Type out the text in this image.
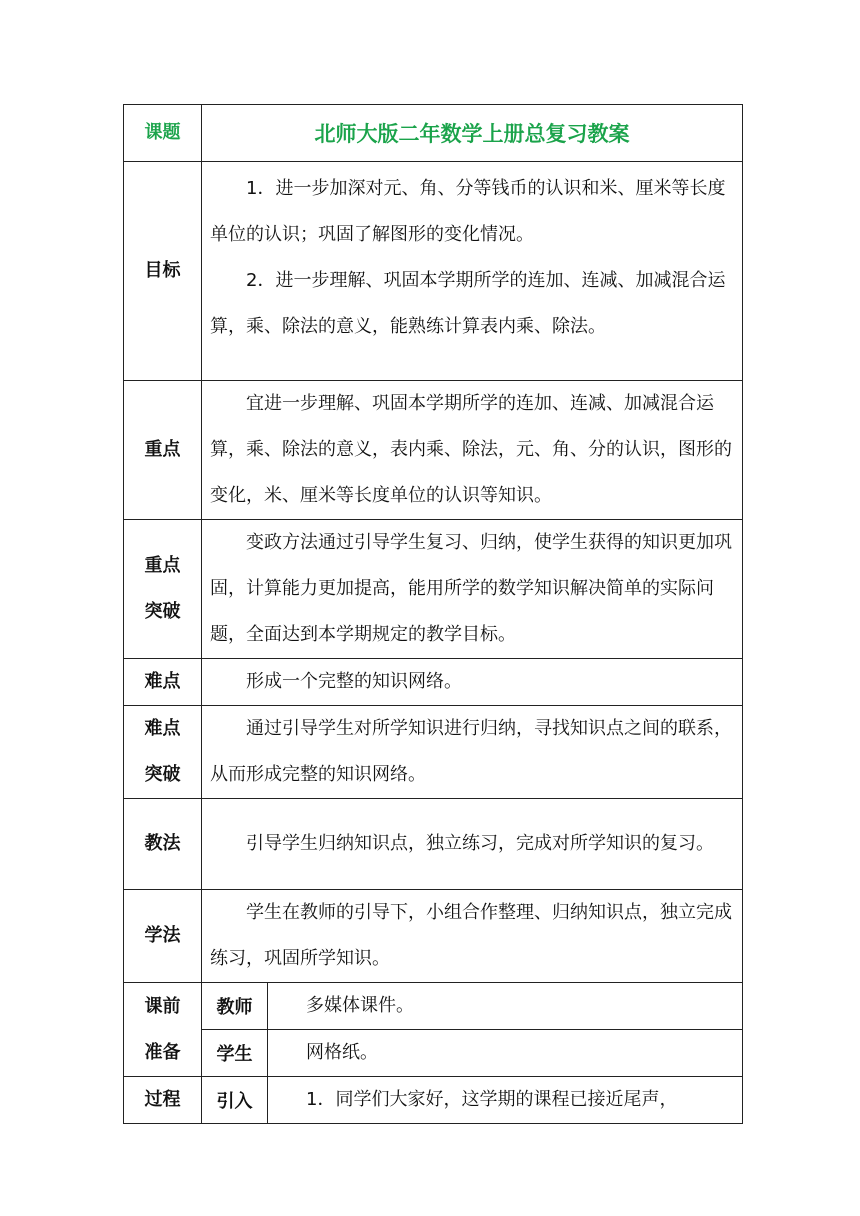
课题	北师大版二年数学上册总复习教案	
目标	1．进一步加深对元、角、分等钱币的认识和米、厘米等长度单位的认识；巩固了解图形的变化情况。
2．进一步理解、巩固本学期所学的连加、连减、加减混合运算，乘、除法的意义，能熟练计算表内乘、除法。	

重点	宜进一步理解、巩固本学期所学的连加、连减、加减混合运算，乘、除法的意义，表内乘、除法，元、角、分的认识，图形的变化，米、厘米等长度单位的认识等知识。	

重点
突破	变政方法通过引导学生复习、归纳，使学生获得的知识更加巩固，计算能力更加提高，能用所学的数学知识解决简单的实际问题，全面达到本学期规定的教学目标。	

难点	形成一个完整的知识网络。	

难点
突破	通过引导学生对所学知识进行归纳，寻找知识点之间的联系，从而形成完整的知识网络。	

教法	引导学生归纳知识点，独立练习，完成对所学知识的复习。	

学法	学生在教师的引导下，小组合作整理、归纳知识点，独立完成练习，巩固所学知识。	

课前
准备	教师	多媒体课件。

	学生	网格纸。

过程	引入	1．同学们大家好，这学期的课程已接近尾声，
